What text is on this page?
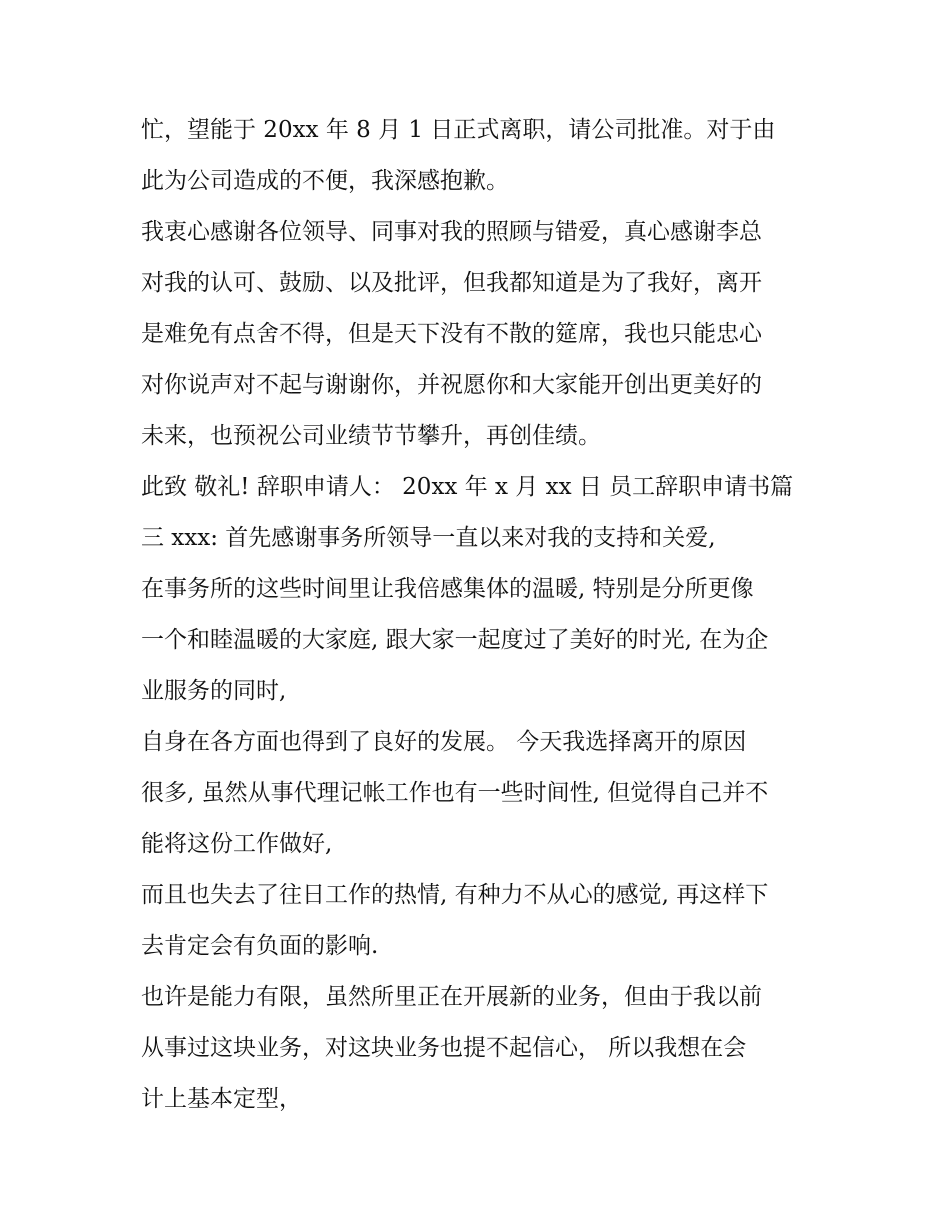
忙，望能于 20xx 年 8 月 1 日正式离职，请公司批准。对于由
此为公司造成的不便，我深感抱歉。
我衷心感谢各位领导、同事对我的照顾与错爱，真心感谢李总
对我的认可、鼓励、以及批评，但我都知道是为了我好，离开
是难免有点舍不得，但是天下没有不散的筵席，我也只能忠心
对你说声对不起与谢谢你，并祝愿你和大家能开创出更美好的
未来，也预祝公司业绩节节攀升，再创佳绩。
此致 敬礼! 辞职申请人： 20xx 年 x 月 xx 日 员工辞职申请书篇
三 xxx: 首先感谢事务所领导一直以来对我的支持和关爱,
在事务所的这些时间里让我倍感集体的温暖, 特别是分所更像
一个和睦温暖的大家庭, 跟大家一起度过了美好的时光, 在为企
业服务的同时,
自身在各方面也得到了良好的发展。 今天我选择离开的原因
很多, 虽然从事代理记帐工作也有一些时间性, 但觉得自己并不
能将这份工作做好,
而且也失去了往日工作的热情, 有种力不从心的感觉, 再这样下
去肯定会有负面的影响.
也许是能力有限，虽然所里正在开展新的业务，但由于我以前
从事过这块业务，对这块业务也提不起信心， 所以我想在会
计上基本定型，
